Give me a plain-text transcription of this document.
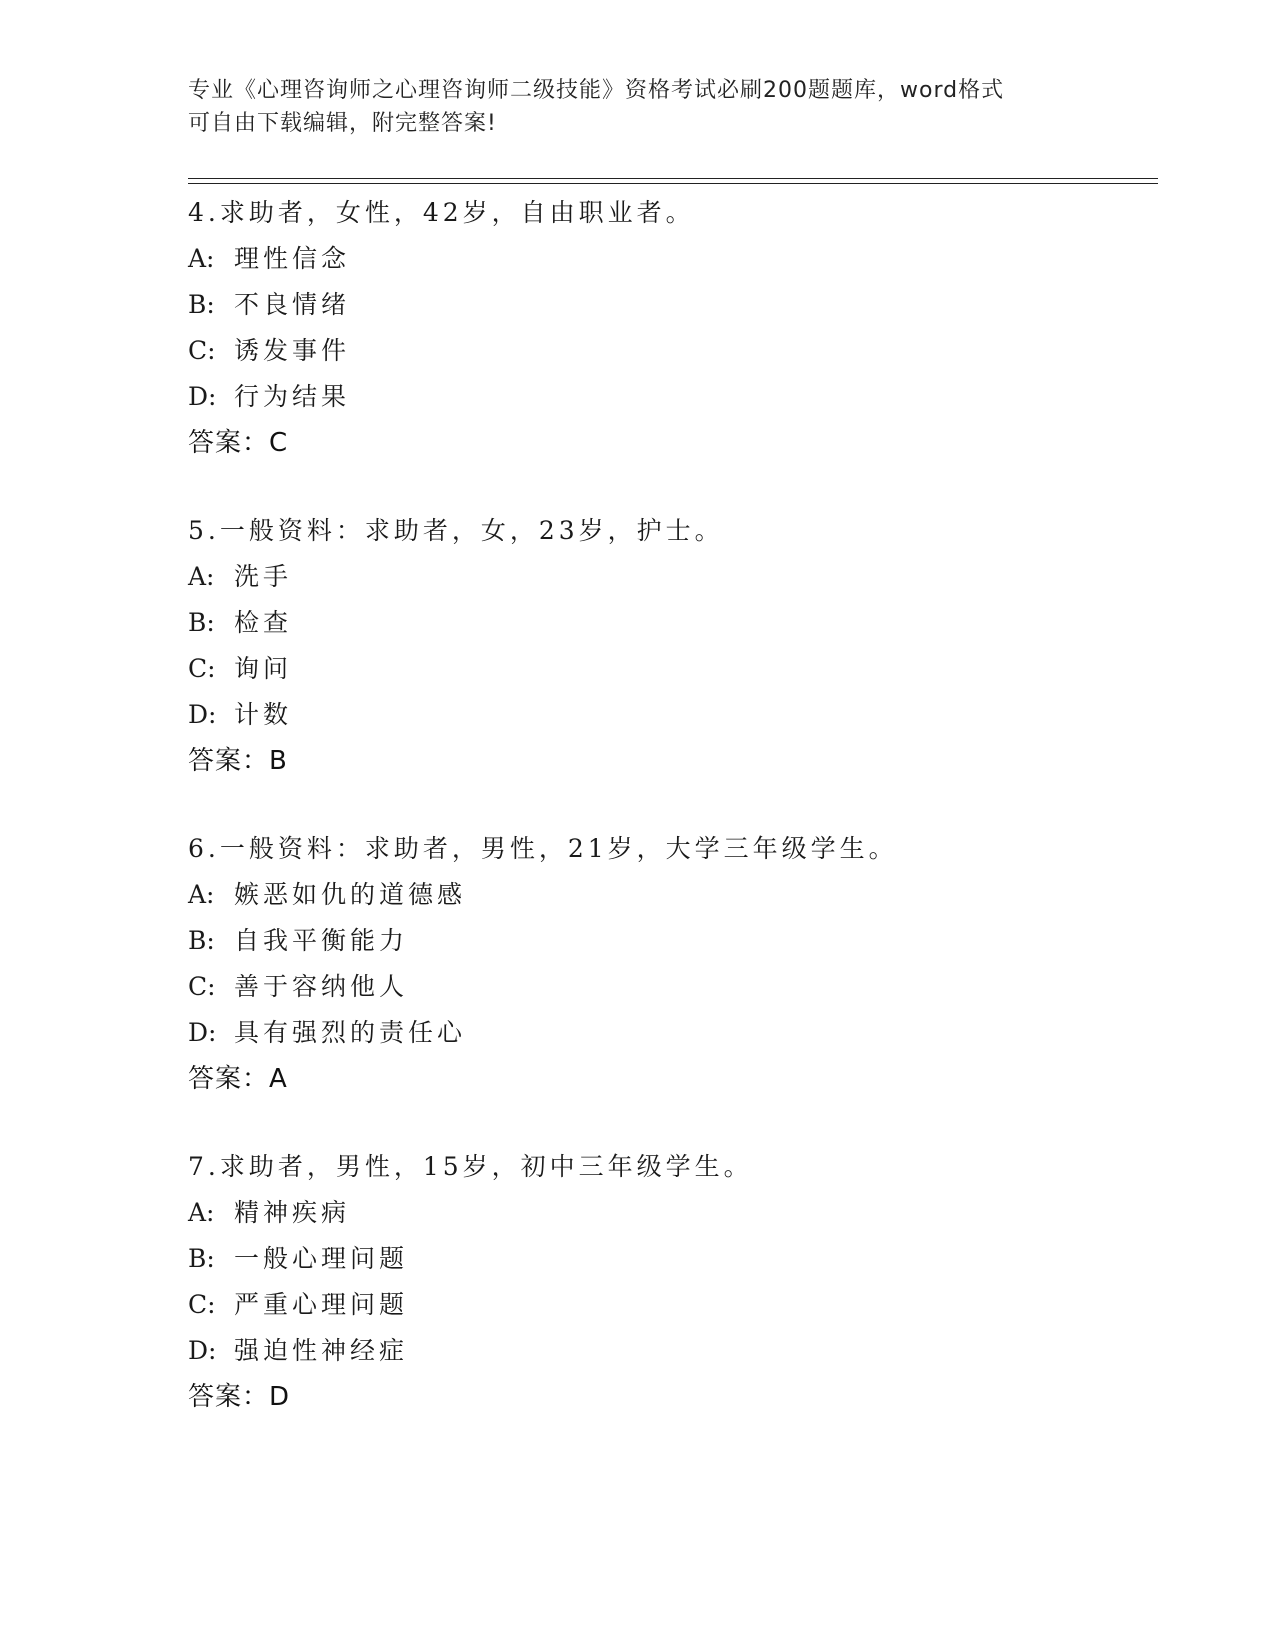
专业《心理咨询师之心理咨询师二级技能》资格考试必刷200题题库，word格式
可自由下载编辑，附完整答案!
4.求助者，女性，42岁，自由职业者。
A: 理性信念
B: 不良情绪
C: 诱发事件
D: 行为结果
答案：C
5.一般资料：求助者，女，23岁，护士。
A: 洗手
B: 检查
C: 询问
D: 计数
答案：B
6.一般资料：求助者，男性，21岁，大学三年级学生。
A: 嫉恶如仇的道德感
B: 自我平衡能力
C: 善于容纳他人
D: 具有强烈的责任心
答案：A
7.求助者，男性，15岁，初中三年级学生。
A: 精神疾病
B: 一般心理问题
C: 严重心理问题
D: 强迫性神经症
答案：D
